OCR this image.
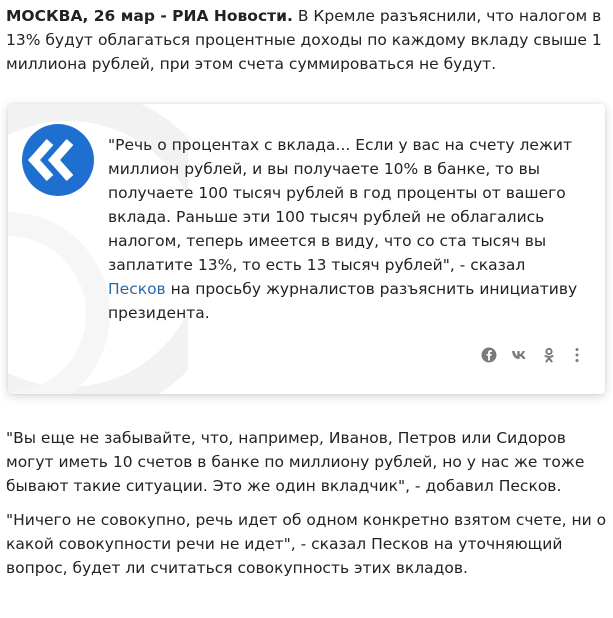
МОСКВА, 26 мар - РИА Новости. В Кремле разъяснили, что налогом в 13% будут облагаться процентные доходы по каждому вкладу свыше 1 миллиона рублей, при этом счета суммироваться не будут.

"Речь о процентах с вклада... Если у вас на счету лежит миллион рублей, и вы получаете 10% в банке, то вы получаете 100 тысяч рублей в год проценты от вашего вклада. Раньше эти 100 тысяч рублей не облагались налогом, теперь имеется в виду, что со ста тысяч вы заплатите 13%, то есть 13 тысяч рублей", - сказал Песков на просьбу журналистов разъяснить инициативу президента.

"Вы еще не забывайте, что, например, Иванов, Петров или Сидоров могут иметь 10 счетов в банке по миллиону рублей, но у нас же тоже бывают такие ситуации. Это же один вкладчик", - добавил Песков.

"Ничего не совокупно, речь идет об одном конкретно взятом счете, ни о какой совокупности речи не идет", - сказал Песков на уточняющий вопрос, будет ли считаться совокупность этих вкладов.
